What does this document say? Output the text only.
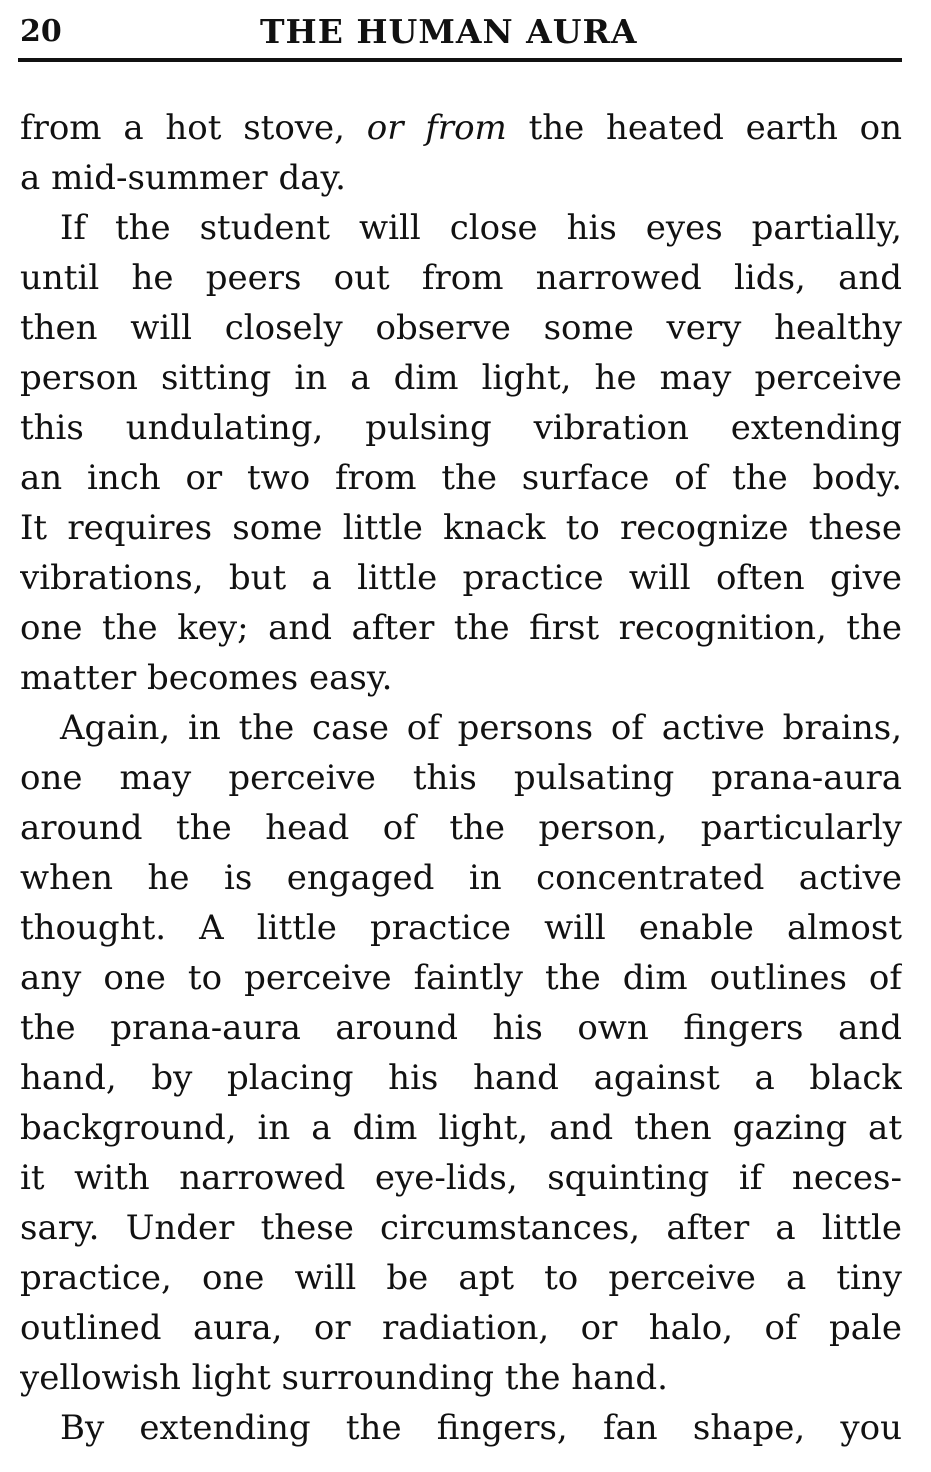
20	THE HUMAN AURA
from a hot stove, or from the heated earth on
a mid-summer day.
If the student will close his eyes partially,
until he peers out from narrowed lids, and
then will closely observe some very healthy
person sitting in a dim light, he may perceive
this undulating, pulsing vibration extending
an inch or two from the surface of the body.
It requires some little knack to recognize these
vibrations, but a little practice will often give
one the key; and after the first recognition, the
matter becomes easy.
Again, in the case of persons of active brains,
one may perceive this pulsating prana-aura
around the head of the person, particularly
when he is engaged in concentrated active
thought. A little practice will enable almost
any one to perceive faintly the dim outlines of
the prana-aura around his own fingers and
hand, by placing his hand against a black
background, in a dim light, and then gazing at
it with narrowed eye-lids, squinting if neces-
sary. Under these circumstances, after a little
practice, one will be apt to perceive a tiny
outlined aura, or radiation, or halo, of pale
yellowish light surrounding the hand.
By extending the fingers, fan shape, you
